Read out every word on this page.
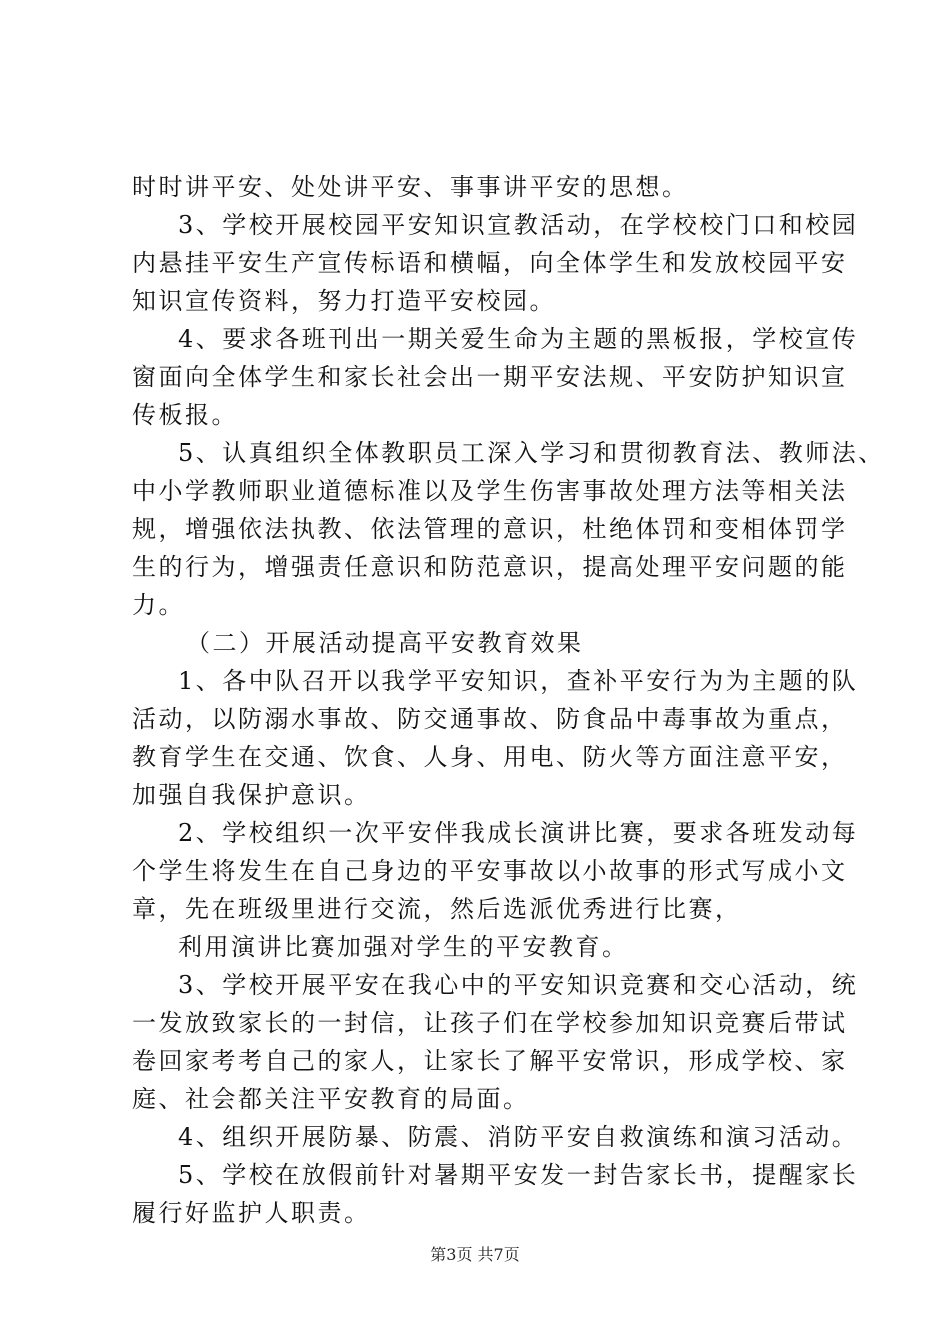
时时讲平安、处处讲平安、事事讲平安的思想。
3、学校开展校园平安知识宣教活动，在学校校门口和校园
内悬挂平安生产宣传标语和横幅，向全体学生和发放校园平安
知识宣传资料，努力打造平安校园。
4、要求各班刊出一期关爱生命为主题的黑板报，学校宣传
窗面向全体学生和家长社会出一期平安法规、平安防护知识宣
传板报。
5、认真组织全体教职员工深入学习和贯彻教育法、教师法、
中小学教师职业道德标准以及学生伤害事故处理方法等相关法
规，增强依法执教、依法管理的意识，杜绝体罚和变相体罚学
生的行为，增强责任意识和防范意识，提高处理平安问题的能
力。
（二）开展活动提高平安教育效果
1、各中队召开以我学平安知识，查补平安行为为主题的队
活动，以防溺水事故、防交通事故、防食品中毒事故为重点，
教育学生在交通、饮食、人身、用电、防火等方面注意平安，
加强自我保护意识。
2、学校组织一次平安伴我成长演讲比赛，要求各班发动每
个学生将发生在自己身边的平安事故以小故事的形式写成小文
章，先在班级里进行交流，然后选派优秀进行比赛，
利用演讲比赛加强对学生的平安教育。
3、学校开展平安在我心中的平安知识竞赛和交心活动，统
一发放致家长的一封信，让孩子们在学校参加知识竞赛后带试
卷回家考考自己的家人，让家长了解平安常识，形成学校、家
庭、社会都关注平安教育的局面。
4、组织开展防暴、防震、消防平安自救演练和演习活动。
5、学校在放假前针对暑期平安发一封告家长书，提醒家长
履行好监护人职责。
第3页 共7页
